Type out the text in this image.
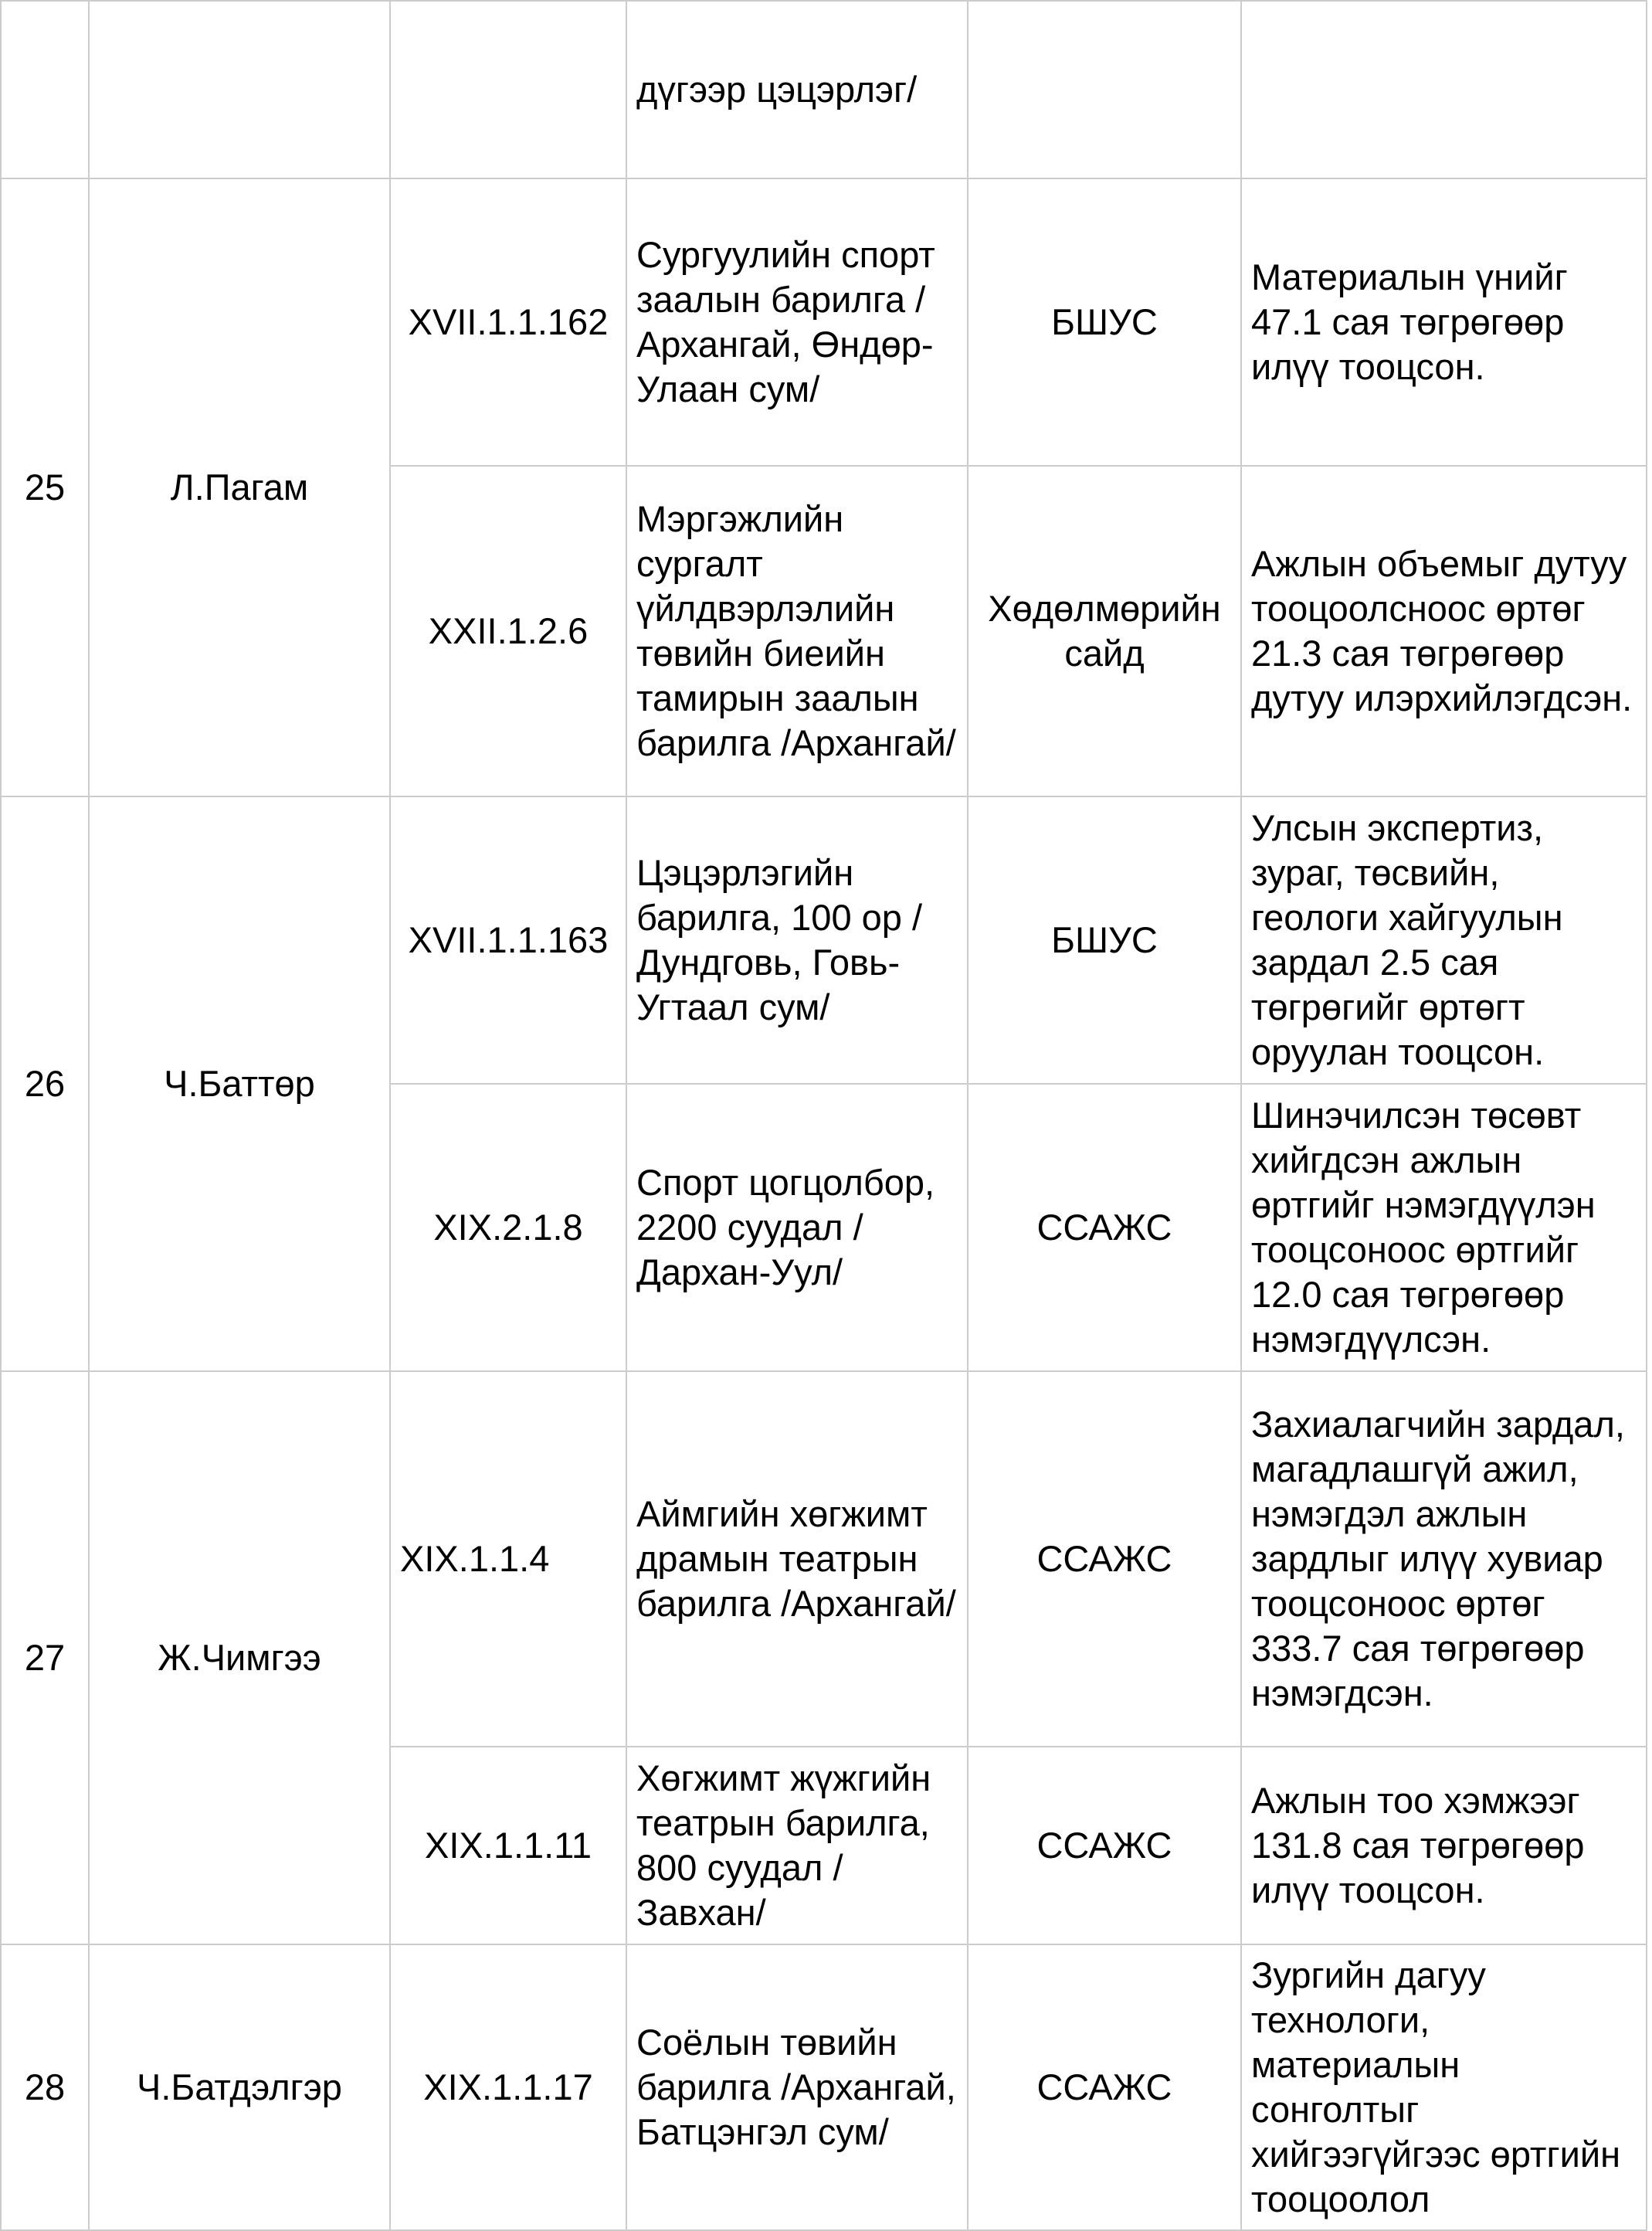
			дүгээр цэцэрлэг/		
25	Л.Пагам	XVII.1.1.162	Сургуулийн спорт заалын барилга /Архангай, Өндөр-Улаан сум/	БШУС	Материалын үнийг 47.1 сая төгрөгөөр илүү тооцсон.
		XXII.1.2.6	Мэргэжлийн сургалт үйлдвэрлэлийн төвийн биеийн тамирын заалын барилга /Архангай/	Хөдөлмөрийн сайд	Ажлын объемыг дутуу тооцоолсноос өртөг 21.3 сая төгрөгөөр дутуу илэрхийлэгдсэн.
26	Ч.Баттөр	XVII.1.1.163	Цэцэрлэгийн барилга, 100 ор /Дундговь, Говь-Угтаал сум/	БШУС	Улсын экспертиз, зураг, төсвийн, геологи хайгуулын зардал 2.5 сая төгрөгийг өртөгт оруулан тооцсон.
		XIX.2.1.8	Спорт цогцолбор, 2200 суудал /Дархан-Уул/	ССАЖС	Шинэчилсэн төсөвт хийгдсэн ажлын өртгийг нэмэгдүүлэн тооцсоноос өртгийг 12.0 сая төгрөгөөр нэмэгдүүлсэн.
27	Ж.Чимгээ	XIX.1.1.4	Аймгийн хөгжимт драмын театрын барилга /Архангай/	ССАЖС	Захиалагчийн зардал, магадлашгүй ажил, нэмэгдэл ажлын зардлыг илүү хувиар тооцсоноос өртөг 333.7 сая төгрөгөөр нэмэгдсэн.
		XIX.1.1.11	Хөгжимт жүжгийн театрын барилга, 800 суудал /Завхан/	ССАЖС	Ажлын тоо хэмжээг 131.8 сая төгрөгөөр илүү тооцсон.
28	Ч.Батдэлгэр	XIX.1.1.17	Соёлын төвийн барилга /Архангай, Батцэнгэл сум/	ССАЖС	Зургийн дагуу технологи, материалын сонголтыг хийгээгүйгээс өртгийн тооцоолол
